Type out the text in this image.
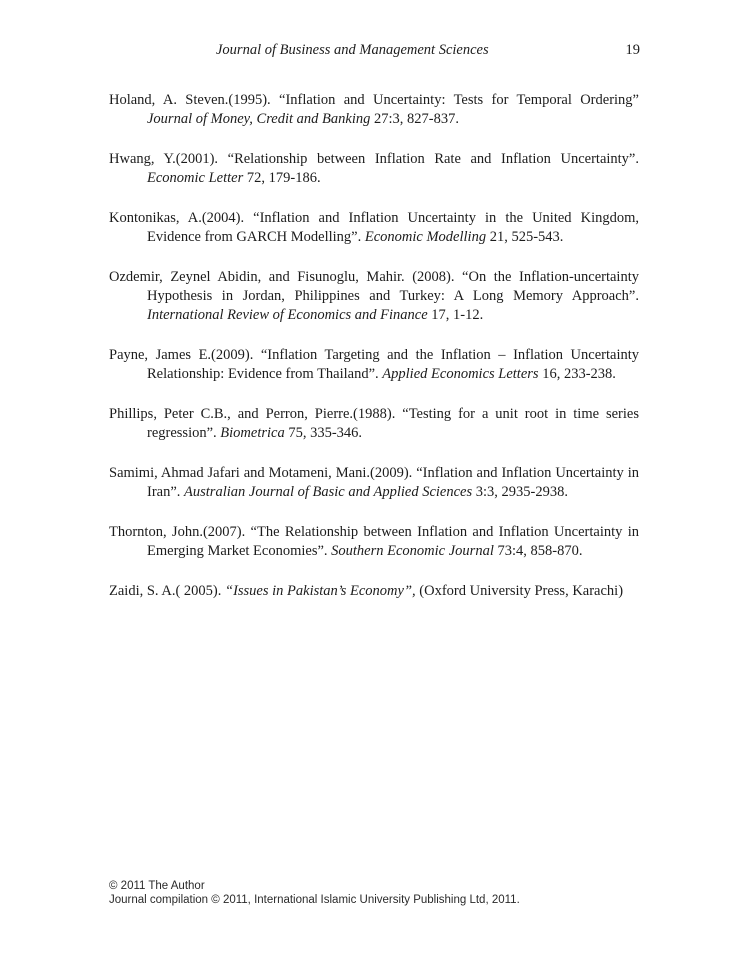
Journal of Business and Management Sciences	19

Holand, A. Steven.(1995). “Inflation and Uncertainty: Tests for Temporal Ordering” Journal of Money, Credit and Banking 27:3, 827-837.

Hwang, Y.(2001). “Relationship between Inflation Rate and Inflation Uncertainty”. Economic Letter 72, 179-186.

Kontonikas, A.(2004). “Inflation and Inflation Uncertainty in the United Kingdom, Evidence from GARCH Modelling”. Economic Modelling 21, 525-543.

Ozdemir, Zeynel Abidin, and Fisunoglu, Mahir. (2008). “On the Inflation-uncertainty Hypothesis in Jordan, Philippines and Turkey: A Long Memory Approach”. International Review of Economics and Finance 17, 1-12.

Payne, James E.(2009). “Inflation Targeting and the Inflation – Inflation Uncertainty Relationship: Evidence from Thailand”. Applied Economics Letters 16, 233-238.

Phillips, Peter C.B., and Perron, Pierre.(1988). “Testing for a unit root in time series regression”. Biometrica 75, 335-346.

Samimi, Ahmad Jafari and Motameni, Mani.(2009). “Inflation and Inflation Uncertainty in Iran”. Australian Journal of Basic and Applied Sciences 3:3, 2935-2938.

Thornton, John.(2007). “The Relationship between Inflation and Inflation Uncertainty in Emerging Market Economies”. Southern Economic Journal 73:4, 858-870.

Zaidi, S. A.( 2005). “Issues in Pakistan’s Economy”, (Oxford University Press, Karachi)

© 2011 The Author
Journal compilation © 2011, International Islamic University Publishing Ltd, 2011.
